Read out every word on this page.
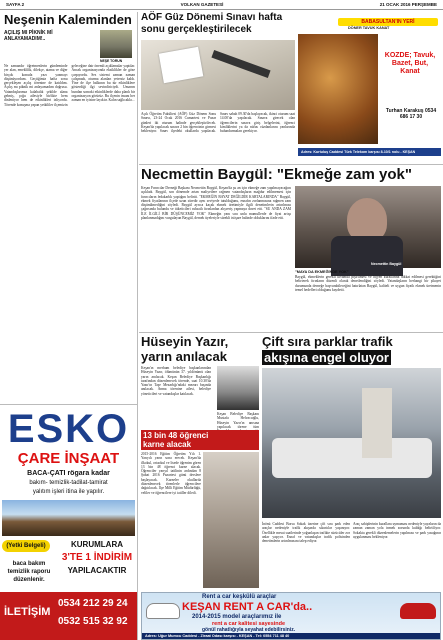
SAYFA 2	VOLKAN GAZETESİ	21 OCAK 2016 PERŞEMBE
Neşenin Kaleminden
AÇILIŞ MI PİKNİK Mİ
ANLAYAMADIM!..
NEŞE TORUN
Ne zamandır öğretmenlerin gündeminde yer alan, emeklilik, dilekçe, atama ve diğer birçok konuda yazı yazmayı düşünüyordum. Geçtiğimiz hafta sonu gerçekleşen açılış törenine de katıldım. Açılış mı piknik mi anlayamadım doğrusu. Vatandaşlarımız kalabalık şekilde alana gelmiş, çoğu ailesiyle birlikte hem dinleniyor hem de etkinlikleri izliyordu. Törende konuşma yapan yetkililer ilçemizin geleceğine dair önemli açıklamalar yaptılar. Ancak organizasyonda eksiklikler de göze çarpıyordu. Ses sistemi zaman zaman çalışmadı, oturma alanları yetersiz kaldı. Yine de ilçe halkının bu tür etkinliklere gösterdiği ilgi sevindiriciydi. Umarım bundan sonraki etkinliklerde daha planlı bir organizasyon görürüz. Bu ilçenin insanı her zaman en iyisine layıktır. Kalın sağlıcakla...
AÖF Güz Dönemi Sınavı hafta
sonu gerçekleştirilecek
Açık Öğretim Fakültesi (AÖF) Güz Dönem Sonu Sınavı, 23-24 Ocak 2016 Cumartesi ve Pazar günleri iki oturum halinde gerçekleştirilecek. Keşan'da yapılacak sınava 2 bin öğrencinin girmesi bekleniyor. Sınav ilçedeki okullarda yapılacak. Sınav sabah 09.30'da başlayacak, ikinci oturum saat 14.00'da yapılacak. Sınava girecek olan öğrencilerin sınava giriş belgelerini, öğrenci kimliklerini ya da nüfus cüzdanlarını yanlarında bulundurmaları gerekiyor.
BABASULTAN'IN YERİ
DÖNER TAVUK KANAT
KOZDE; Tavuk, Bazet, But, Kanat
Turhan Karakuş 0534 686 17 30
Adres: Kurtuluş Caddesi Türk Telekom karşısı 8-10/1 nolu - KEŞAN
Necmettin Baygül: "Ekmeğe zam yok"
Keşan Fırıncılar Derneği Başkanı Necmettin Baygül, Keşan'da şu an için ekmeğe zam yapılmayacağını açıkladı. Baygül, son dönemde artan maliyetlere rağmen vatandaşların mağdur edilmemesi için fırıncıların fedakarlık yaptığını belirtti. "EKMEĞİN BAYAT DEĞİLDİR KARTALARINDA" Baygül, ekmek fiyatlarının ilçede uzun süredir aynı seviyede tutulduğunu, esnafın zorlanmasına rağmen zam düşünülmediğini söyledi. Baygül ayrıca kaçak ekmek üretimiyle ilgili denetimlerin artırılması çağrısında bulundu ve tüketicileri ruhsatlı fırınlardan alışveriş yapmaya davet etti. "SU ANDA ZAM İLE İLGİLİ BİR DÜŞÜNCEMİZ YOK" Ekmeğin yanı sıra unlu mamullerde de fiyat artışı planlanmadığını vurgulayan Baygül, dernek üyeleriyle sürekli istişare halinde olduklarını ifade etti.
Necmettin Baygül
"MAYA DA EKMEĞİNDE YOK"
Baygül, ekmeklerin gerekli kıvamda pişirilmesi ve hijyen kurallarına dikkat edilmesi gerektiğini belirterek fırınların düzenli olarak denetlendiğini söyledi. Vatandaşların herhangi bir şikayet durumunda derneğe başvurabileceğini hatırlatan Baygül, kaliteli ve uygun fiyatlı ekmek üretmenin temel hedefleri olduğunu kaydetti.
Hüseyin Yazır,
yarın anılacak
Keşan'ın merhum belediye başkanlarından Hüseyin Yazır, ölümünün 37. yıldönümü olan yarın anılacak. Keşan Belediye Başkanlığı tarafından düzenlenecek törende, saat 10.30'da Yazır'ın Taşe Mezarlığı'ndaki mezarı başında anılacak. Anma törenine ailesi, belediye yöneticileri ve vatandaşlar katılacak.
Keşan Belediye Başkanı Mustafa Helvacıoğlu, Hüseyin Yazır'ın anısına yapılacak törene tüm
13 bin 48 öğrenci
karne alacak
2015-2016 Eğitim Öğretim Yılı 1. Yarıyılı yarın sona erecek. Keşan'da ilkokul, ortaokul ve lisede öğrenim gören 13 bin 48 öğrenci karne alacak. Öğrenciler yarıyıl tatilinin ardından 8 Şubat 2016 Pazartesi günü derslere başlayacak. Karneler okullarda düzenlenecek törenlerle öğrencilere dağıtılacak. İlçe Milli Eğitim Müdürlüğü, veliler ve öğrencilere iyi tatiller diledi.
Çift sıra parklar trafik
akışına engel oluyor
İnönü Caddesi Borsa Sokak üzerine çift sıra park eden araçlar nedeniyle trafik akışında sıkıntılar yaşanıyor. Özellikle mesai saatlerinde yoğunlaşan trafikte sürücüler zor anlar yaşıyor. Esnaf ve vatandaşlar trafik polisinden denetimlerin artırılmasını talep ediyor.
Araç sahiplerinin kurallara uymaması nedeniyle yayaların da zaman zaman yola inmek zorunda kaldığı belirtiliyor. Sokakta gerekli düzenlemelerin yapılması ve park yasağının uygulanması bekleniyor.
ESKO
ÇARE İNŞAAT
BACA-ÇATI rögara kadar
bakım- temizlik-tadilat-tamirat
yalıtım işleri itina ile yapılır.
(Yetki Belgeli)
baca bakım temizlik raporu düzenlenir.
KURUMLARA
3'TE 1 İNDİRİM
YAPILACAKTIR
İLETİŞİM
0534 212 29 24
0532 515 32 92
Rent a car keşkülü araçlar
KEŞAN RENT A CAR'da..
2014-2015 model araçlarımız ile
rent a car kalitesi sayesinde
gönül rahatlığıyla seyahat edebilirsiniz.
Adres: Uğur Mumcu Caddesi - Ziraat Odası karşısı - KEŞAN - Tel: 0554 711 48 40
